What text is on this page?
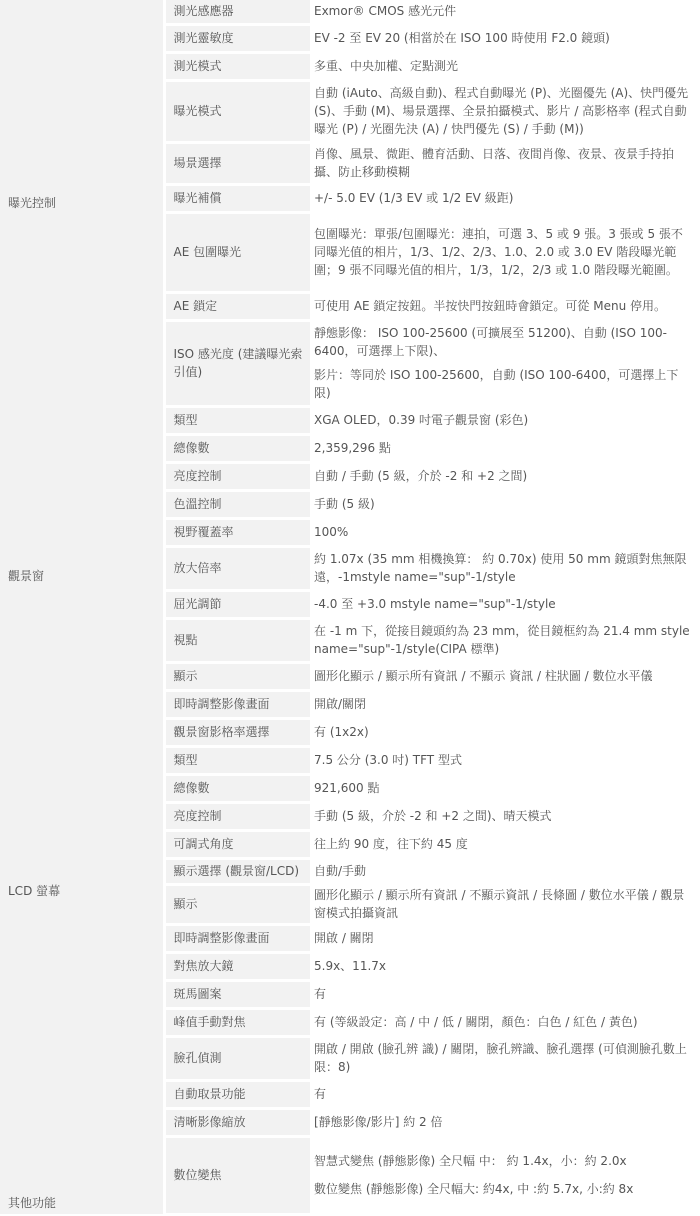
曝光控制	測光感應器	Exmor® CMOS 感光元件
	測光靈敏度	EV -2 至 EV 20 (相當於在 ISO 100 時使用 F2.0 鏡頭)
	測光模式	多重、中央加權、定點測光
	曝光模式	自動 (iAuto、高級自動)、程式自動曝光 (P)、光圈優先 (A)、快門優先 (S)、手動 (M)、場景選擇、全景拍攝模式、影片 / 高影格率 (程式自動曝光 (P) / 光圈先決 (A) / 快門優先 (S) / 手動 (M))
	場景選擇	肖像、風景、微距、體育活動、日落、夜間肖像、夜景、夜景手持拍攝、防止移動模糊
	曝光補償	+/- 5.0 EV (1/3 EV 或 1/2 EV 級距)
	AE 包圍曝光	包圍曝光：單張/包圍曝光：連拍，可選 3、5 或 9 張。3 張或 5 張不同曝光值的相片，1/3、1/2、2/3、1.0、2.0 或 3.0 EV 階段曝光範圍；9 張不同曝光值的相片，1/3，1/2，2/3 或 1.0 階段曝光範圍。
	AE 鎖定	可使用 AE 鎖定按鈕。半按快門按鈕時會鎖定。可從 Menu 停用。
	ISO 感光度 (建議曝光索引值)	靜態影像： ISO 100-25600 (可擴展至 51200)、自動 (ISO 100-6400，可選擇上下限)、
影片：等同於 ISO 100-25600，自動 (ISO 100-6400，可選擇上下限)

觀景窗	類型	XGA OLED，0.39 吋電子觀景窗 (彩色)
	總像數	2,359,296 點
	亮度控制	自動 / 手動 (5 級，介於 -2 和 +2 之間)
	色溫控制	手動 (5 級)
	視野覆蓋率	100%
	放大倍率	約 1.07x (35 mm 相機換算： 約 0.70x) 使用 50 mm 鏡頭對焦無限遠，-1mstyle name="sup"-1/style
	屈光調節	-4.0 至 +3.0 mstyle name="sup"-1/style
	視點	在 -1 m 下，從接目鏡頭約為 23 mm，從目鏡框約為 21.4 mm style name="sup"-1/style(CIPA 標準)
	顯示	圖形化顯示 / 顯示所有資訊 / 不顯示 資訊 / 柱狀圖 / 數位水平儀
	即時調整影像畫面	開啟/關閉
	觀景窗影格率選擇	有 (1x2x)
LCD 螢幕	類型	7.5 公分 (3.0 吋) TFT 型式
	總像數	921,600 點
	亮度控制	手動 (5 級，介於 -2 和 +2 之間)、晴天模式
	可調式角度	往上約 90 度，往下約 45 度
	顯示選擇 (觀景窗/LCD)	自動/手動
	顯示	圖形化顯示 / 顯示所有資訊 / 不顯示資訊 / 長條圖 / 數位水平儀 / 觀景窗模式拍攝資訊
	即時調整影像畫面	開啟 / 關閉
	對焦放大鏡	5.9x、11.7x
	斑馬圖案	有
	峰值手動對焦	有 (等級設定：高 / 中 / 低 / 關閉，顏色：白色 / 紅色 / 黃色)
其他功能	臉孔偵測	開啟 / 開啟 (臉孔辨 識) / 關閉，臉孔辨識、臉孔選擇 (可偵測臉孔數上限：8)
	自動取景功能	有
	清晰影像縮放	[靜態影像/影片] 約 2 倍
	數位變焦	智慧式變焦 (靜態影像) 全尺幅 中： 約 1.4x，小：約 2.0x
數位變焦 (靜態影像) 全尺幅大: 約4x, 中 :約 5.7x, 小:約 8x
